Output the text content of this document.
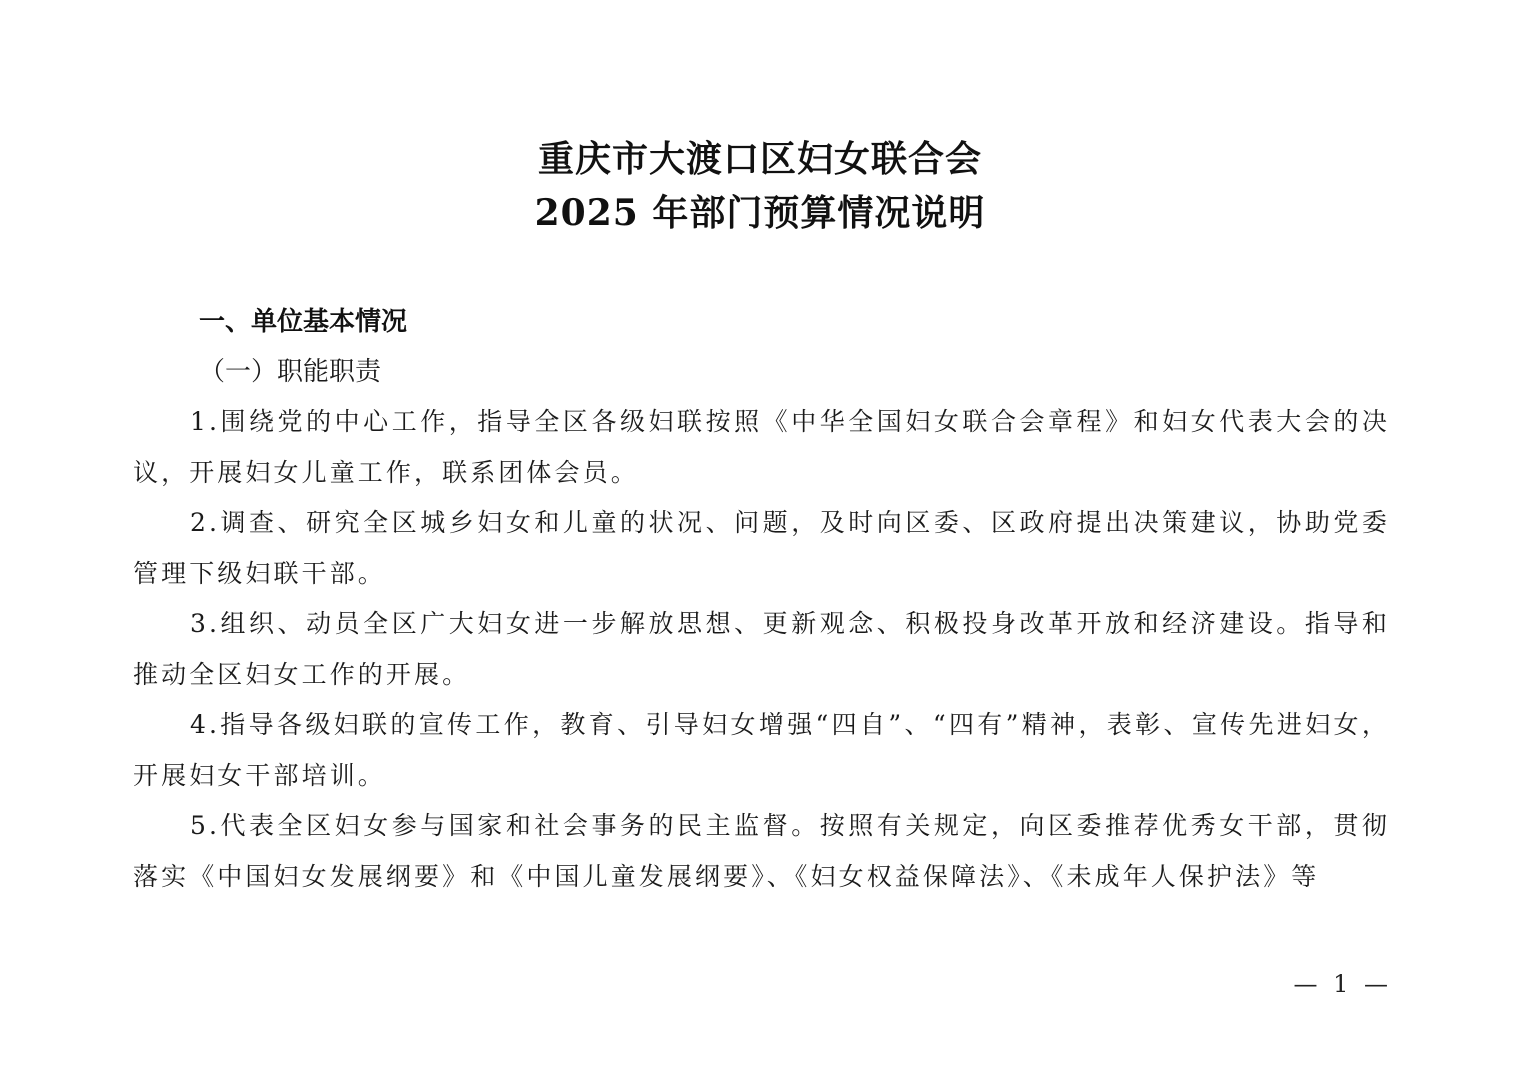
重庆市大渡口区妇女联合会
2025 年部门预算情况说明

一、单位基本情况

（一）职能职责

1.围绕党的中心工作，指导全区各级妇联按照《中华全国妇女联合会章程》和妇女代表大会的决议，开展妇女儿童工作，联系团体会员。

2.调查、研究全区城乡妇女和儿童的状况、问题，及时向区委、区政府提出决策建议，协助党委管理下级妇联干部。

3.组织、动员全区广大妇女进一步解放思想、更新观念、积极投身改革开放和经济建设。指导和推动全区妇女工作的开展。

4.指导各级妇联的宣传工作，教育、引导妇女增强“四自”、“四有”精神，表彰、宣传先进妇女，开展妇女干部培训。

5.代表全区妇女参与国家和社会事务的民主监督。按照有关规定，向区委推荐优秀女干部，贯彻落实《中国妇女发展纲要》和《中国儿童发展纲要》、《妇女权益保障法》、《未成年人保护法》等

— 1 —
